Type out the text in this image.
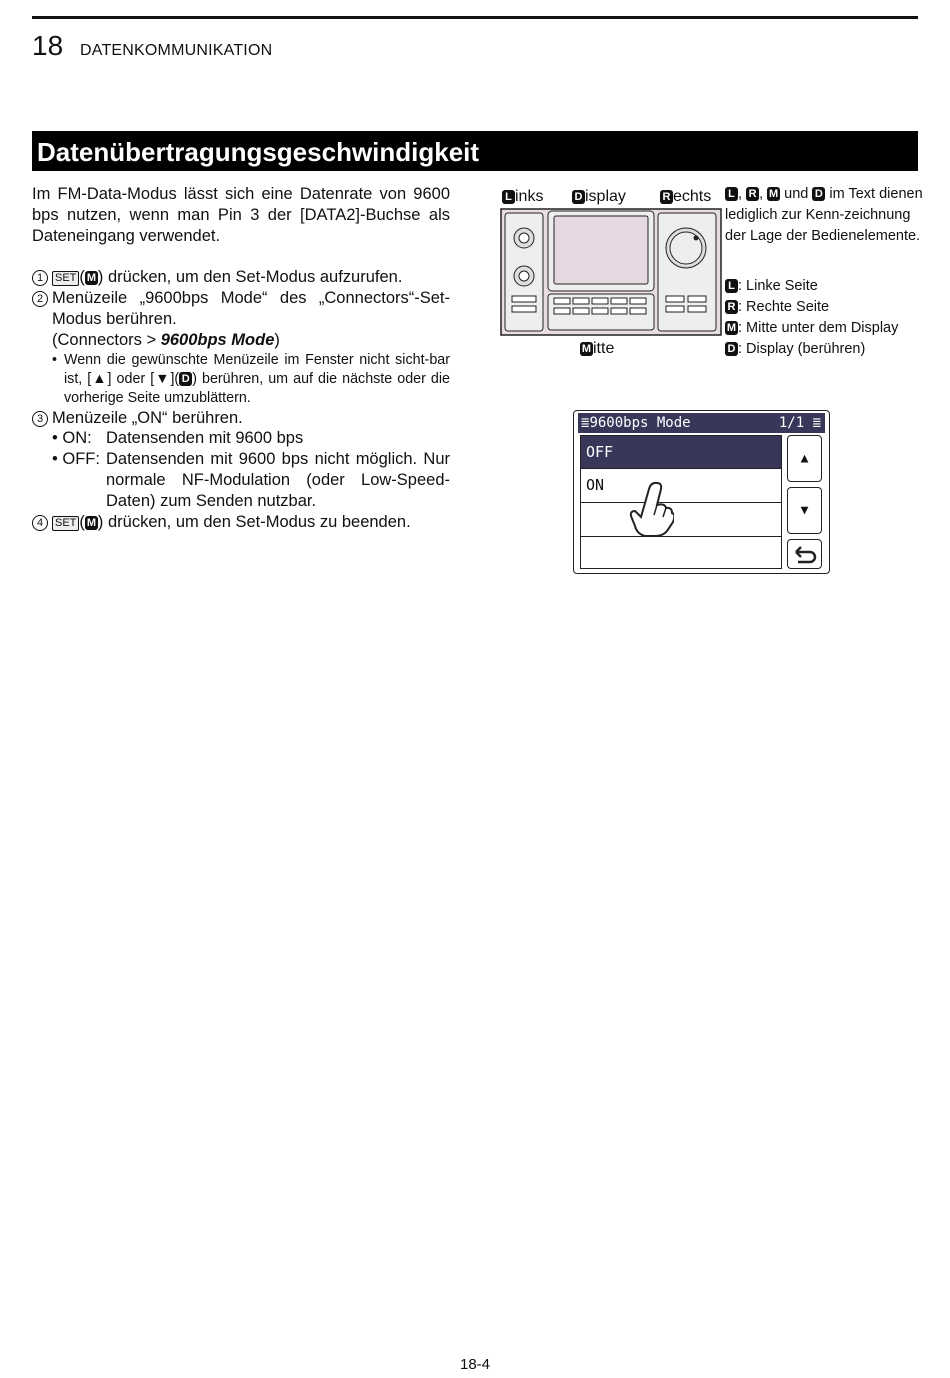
18 DATENKOMMUNIKATION
Datenübertragungsgeschwindigkeit

Im FM-Data-Modus lässt sich eine Datenrate von 9600 bps nutzen, wenn man Pin 3 der [DATA2]-Buchse als Dateneingang verwendet.

1	SET ( M ) drücken, um den Set-Modus aufzurufen.
2 Menüzeile „9600bps Mode“ des „Connectors“-Set-Modus berühren.
(Connectors > 9600bps Mode)
• Wenn die gewünschte Menüzeile im Fenster nicht sicht-bar ist, [▲] oder [▼]( D ) berühren, um auf die nächste oder die vorherige Seite umzublättern.
3 Menüzeile „ON“ berühren.
• ON: Datensenden mit 9600 bps
• OFF: Datensenden mit 9600 bps nicht möglich. Nur normale NF-Modulation (oder Low-Speed-Daten) zum Senden nutzbar.
4	SET ( M ) drücken, um den Set-Modus zu beenden.
L inks	D isplay	R echts
M itte
L , R , M und D im Text dienen lediglich zur Kenn-zeichnung der Lage der Bedienelemente.
L : Linke Seite
R : Rechte Seite
M : Mitte unter dem Display
D : Display (berühren)
≣9600bps Mode	1/1 ≣
OFF
ON
▲
▼
18-4
